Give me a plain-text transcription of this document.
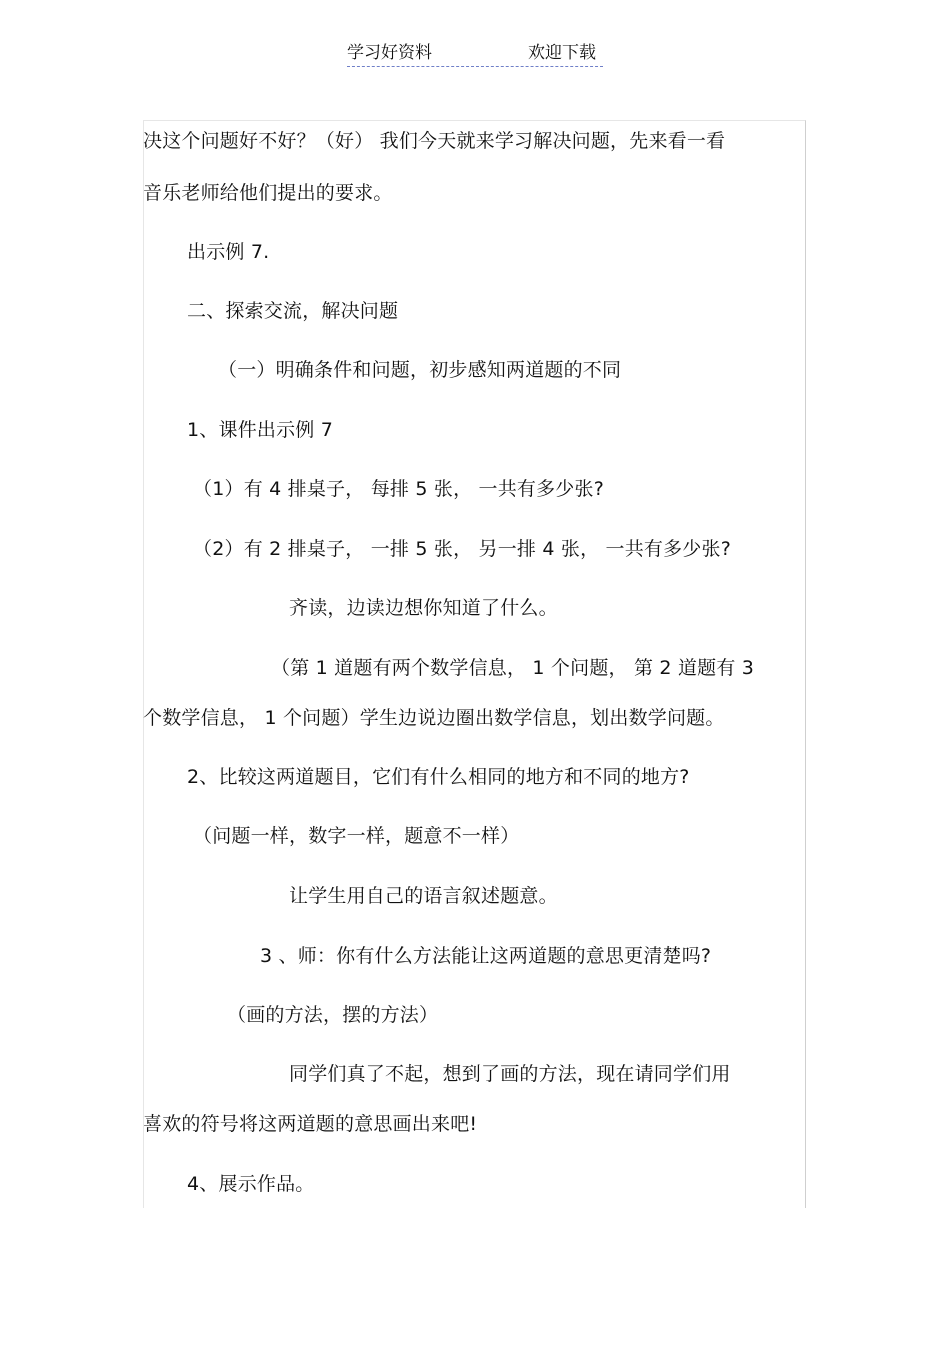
学习好资料	欢迎下载
决这个问题好不好？（好） 我们今天就来学习解决问题，先来看一看
音乐老师给他们提出的要求。
出示例 7.
二、探索交流，解决问题
（一）明确条件和问题，初步感知两道题的不同
1、课件出示例 7
（1）有 4 排桌子， 每排 5 张， 一共有多少张?
（2）有 2 排桌子， 一排 5 张， 另一排 4 张， 一共有多少张?
齐读，边读边想你知道了什么。
（第 1 道题有两个数学信息， 1 个问题， 第 2 道题有 3
个数学信息， 1 个问题）学生边说边圈出数学信息，划出数学问题。
2、比较这两道题目，它们有什么相同的地方和不同的地方?
（问题一样，数字一样，题意不一样）
让学生用自己的语言叙述题意。
3 、师：你有什么方法能让这两道题的意思更清楚吗?
（画的方法，摆的方法）
同学们真了不起，想到了画的方法，现在请同学们用
喜欢的符号将这两道题的意思画出来吧!
4、展示作品。
